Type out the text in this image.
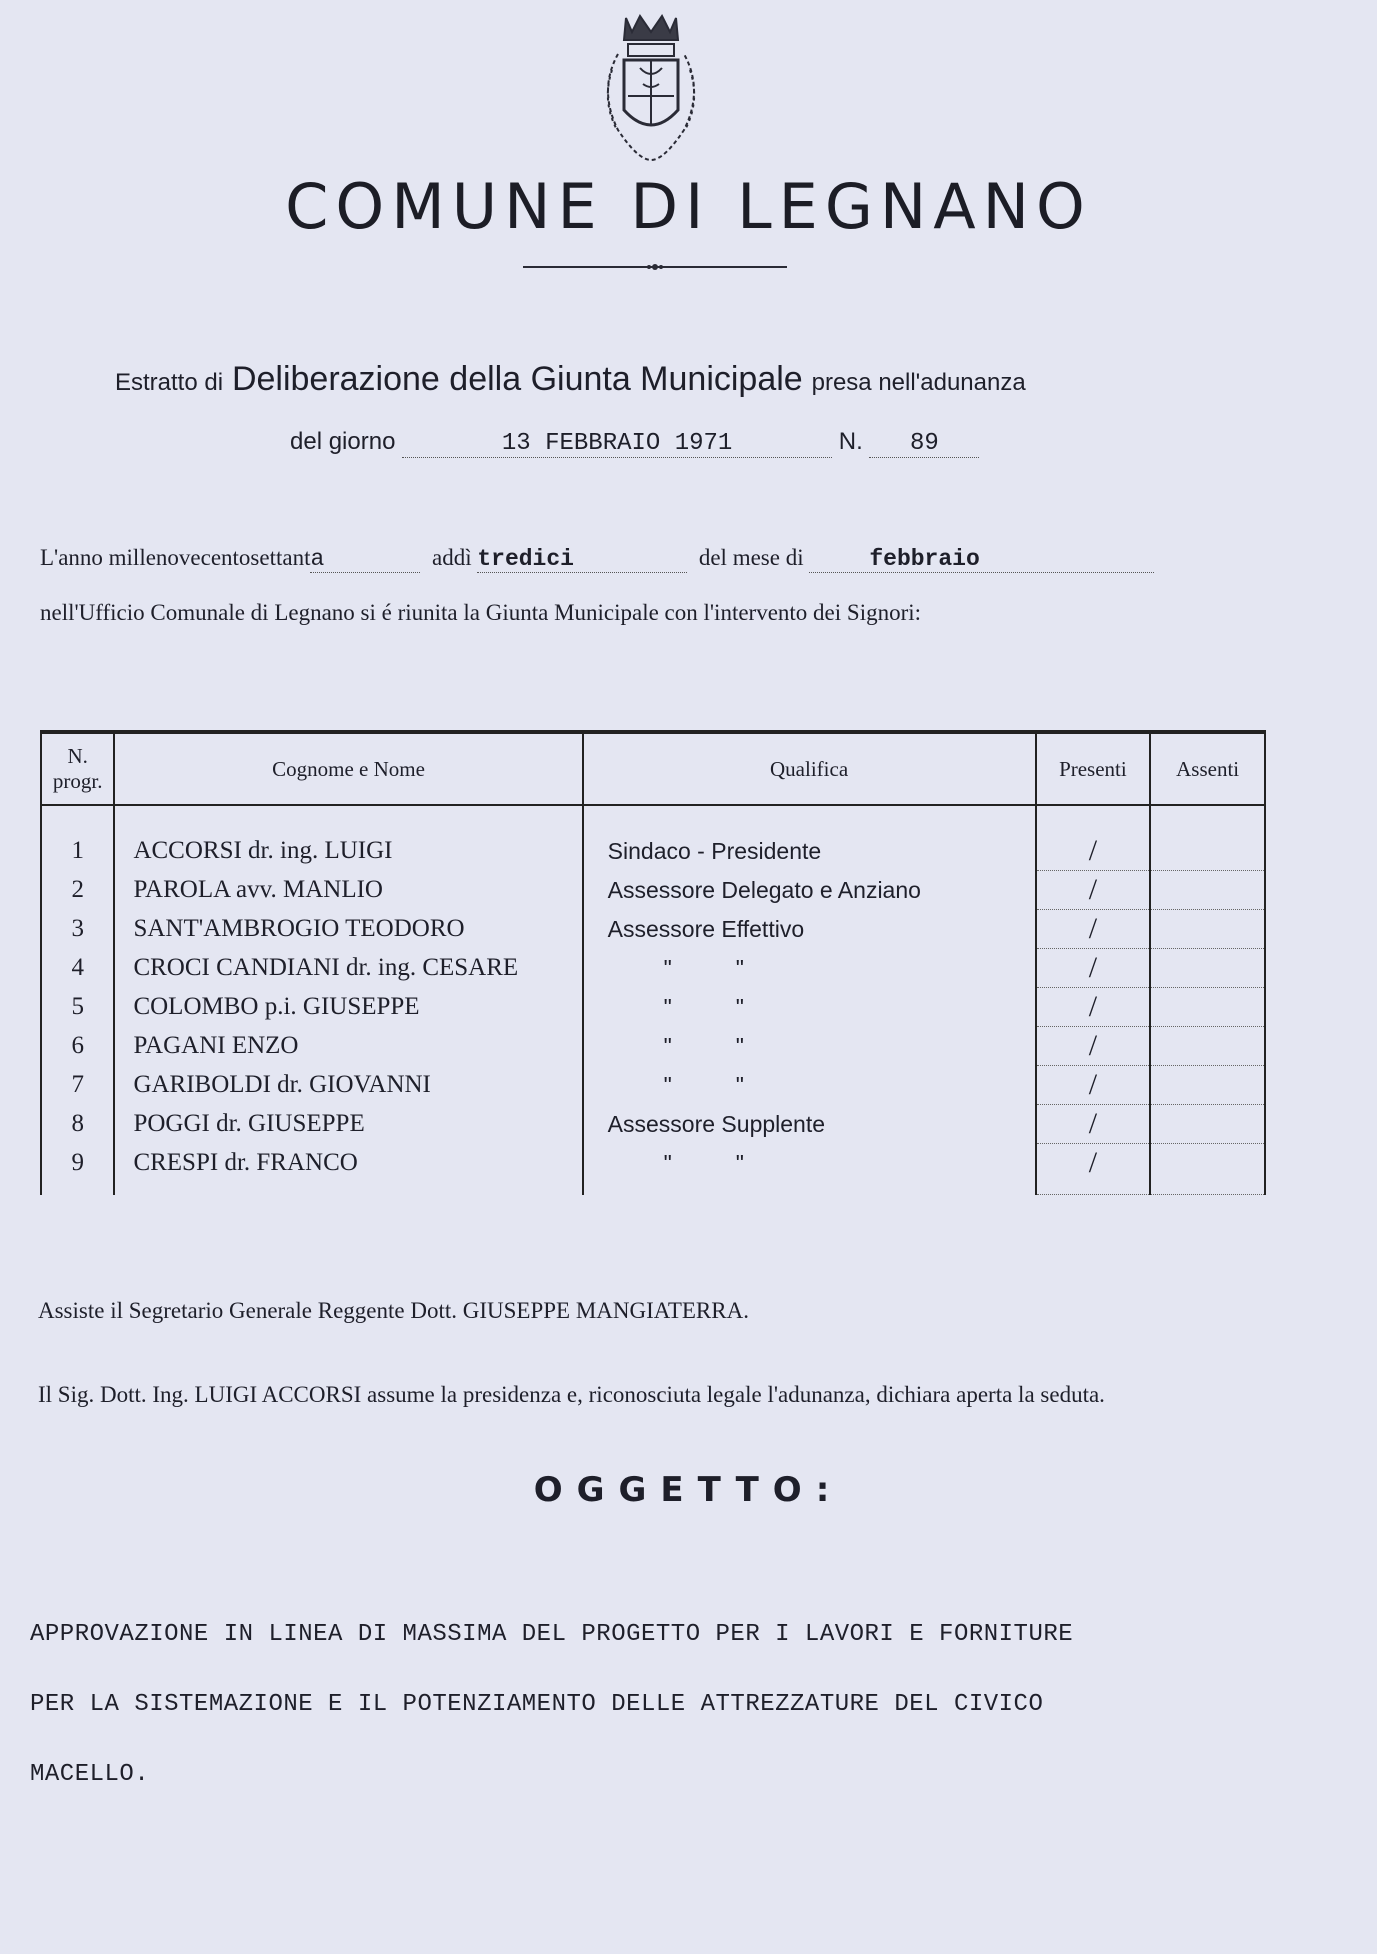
COMUNE DI LEGNANO
Estratto di Deliberazione della Giunta Municipale presa nell'adunanza
del giorno	13 FEBBRAIO 1971	N. 89
L'anno millenovecentosettanta	addì tredici	del mese di	febbraio
nell'Ufficio Comunale di Legnano si é riunita la Giunta Municipale con l'intervento dei Signori:
N.
progr.	Cognome e Nome	Qualifica	Presenti	Assenti
1	ACCORSI dr. ing. LUIGI	Sindaco - Presidente	/	
2	PAROLA avv. MANLIO	Assessore Delegato e Anziano	/	
3	SANT'AMBROGIO TEODORO	Assessore Effettivo	/	
4	CROCI CANDIANI dr. ing. CESARE	"          "	/	
5	COLOMBO p.i. GIUSEPPE	"          "	/	
6	PAGANI ENZO	"          "	/	
7	GARIBOLDI dr. GIOVANNI	"          "	/	
8	POGGI dr. GIUSEPPE	Assessore Supplente	/	
9	CRESPI dr. FRANCO	"          "	/	
Assiste il Segretario Generale Reggente Dott. GIUSEPPE MANGIATERRA.
Il Sig. Dott. Ing. LUIGI ACCORSI assume la presidenza e, riconosciuta legale l'adunanza, dichiara aperta la seduta.
OGGETTO:
APPROVAZIONE IN LINEA DI MASSIMA DEL PROGETTO PER I LAVORI E FORNITURE
PER LA SISTEMAZIONE E IL POTENZIAMENTO DELLE ATTREZZATURE DEL CIVICO
MACELLO.
